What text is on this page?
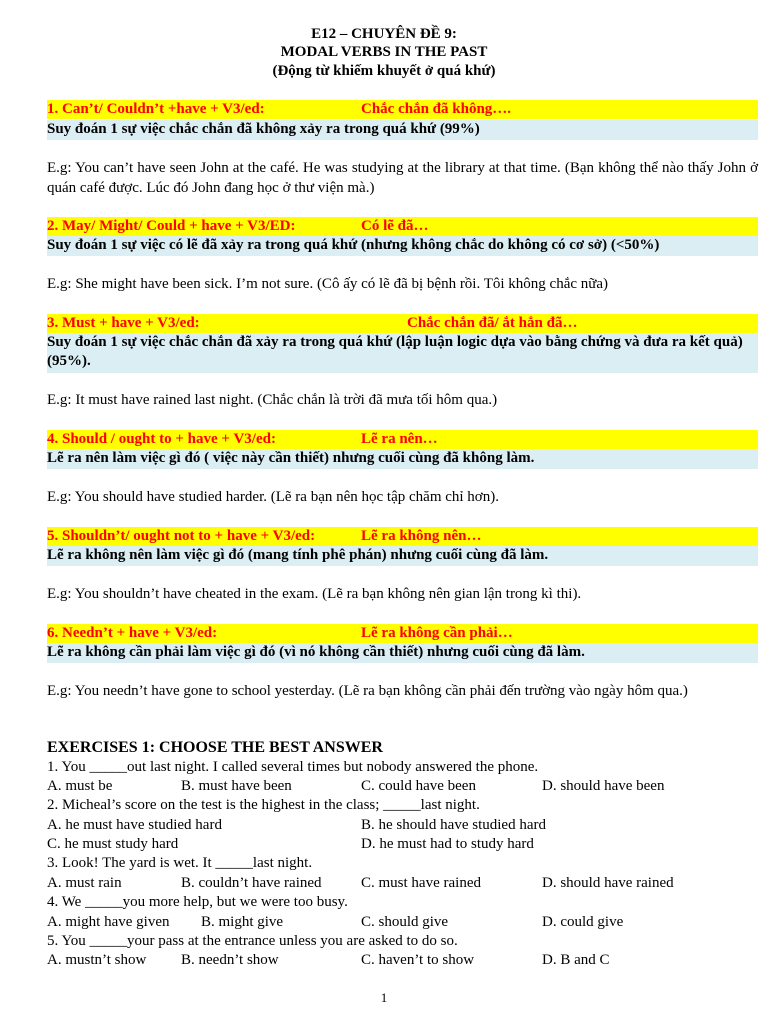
E12 – CHUYÊN ĐỀ 9:
MODAL VERBS IN THE PAST
(Động từ khiếm khuyết ở quá khứ)
1. Can’t/ Couldn’t +have + V3/ed:	Chắc chắn đã không….
Suy đoán 1 sự việc chắc chắn đã không xảy ra trong quá khứ (99%)
E.g: You can’t have seen John at the café. He was studying at the library at that time. (Bạn không thể nào thấy John ở quán café được. Lúc đó John đang học ở thư viện mà.)
2. May/ Might/ Could + have + V3/ED:	Có lẽ đã…
Suy đoán 1 sự việc có lẽ đã xảy ra trong quá khứ (nhưng không chắc do không có cơ sở) (<50%)
E.g: She might have been sick. I’m not sure. (Cô ấy có lẽ đã bị bệnh rồi. Tôi không chắc nữa)
3. Must + have + V3/ed:	Chắc chắn đã/ ắt hẳn đã…
Suy đoán 1 sự việc chắc chắn đã xảy ra trong quá khứ (lập luận logic dựa vào bằng chứng và đưa ra kết quả) (95%).
E.g: It must have rained last night. (Chắc chắn là trời đã mưa tối hôm qua.)
4. Should / ought to + have + V3/ed:	Lẽ ra nên…
Lẽ ra nên làm việc gì đó ( việc này cần thiết) nhưng cuối cùng đã không làm.
E.g: You should have studied harder. (Lẽ ra bạn nên học tập chăm chỉ hơn).
5. Shouldn’t/ ought not to + have + V3/ed:	Lẽ ra không nên…
Lẽ ra không nên làm việc gì đó (mang tính phê phán) nhưng cuối cùng đã làm.
E.g: You shouldn’t have cheated in the exam. (Lẽ ra bạn không nên gian lận trong kì thi).
6. Needn’t + have + V3/ed:	Lẽ ra không cần phải…
Lẽ ra không cần phải làm việc gì đó (vì nó không cần thiết) nhưng cuối cùng đã làm.
E.g: You needn’t have gone to school yesterday. (Lẽ ra bạn không cần phải đến trường vào ngày hôm qua.)
EXERCISES 1: CHOOSE THE BEST ANSWER
1. You _____out last night. I called several times but nobody answered the phone.
A. must be	B. must have been	C. could have been	D. should have been
2. Micheal’s score on the test is the highest in the class; _____last night.
A. he must have studied hard	B. he should have studied hard
C. he must study hard	D. he must had to study hard
3. Look! The yard is wet. It _____last night.
A. must rain	B. couldn’t have rained	C. must have rained	D. should have rained
4. We _____you more help, but we were too busy.
A. might have given B. might give	C. should give	D. could give
5. You _____your pass at the entrance unless you are asked to do so.
A. mustn’t show B. needn’t show	C. haven’t to show	D. B and C
1
